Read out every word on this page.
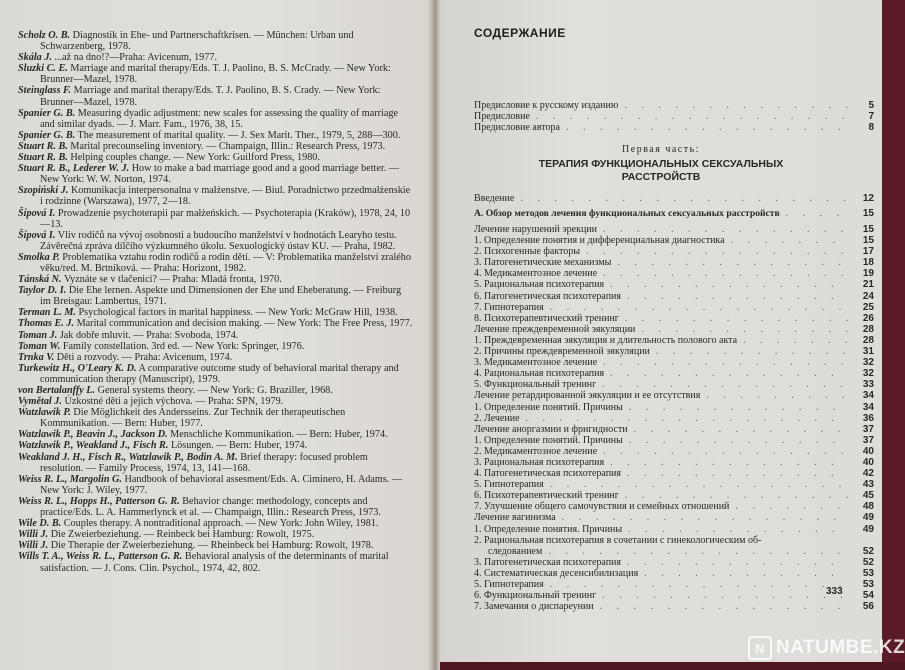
Scholz O. B. Diagnostik in Ehe- und Partnerschaftkrisen. — München: Urban und Schwarzenberg, 1978.

Skála J. ...až na dno!?—Praha: Avicenum, 1977.

Sluzki C. E. Marriage and marital therapy/Eds. T. J. Paolino, B. S. McCrady. — New York: Brunner—Mazel, 1978.

Steinglass F. Marriage and marital therapy/Eds. T. J. Paolino, B. S. Crady. — New York: Brunner—Mazel, 1978.

Spanier G. B. Measuring dyadic adjustment: new scales for assessing the quality of marriage and similar dyads. — J. Marr. Fam., 1976, 38, 15.

Spanier G. B. The measurement of marital quality. — J. Sex Marit. Ther., 1979, 5, 288—300.

Stuart R. B. Marital precounseling inventory. — Champaign, Illin.: Research Press, 1973.

Stuart R. B. Helping couples change. — New York: Guilford Press, 1980.

Stuart R. B., Lederer W. J. How to make a bad marriage good and a good marriage better. — New York: W. W. Norton, 1974.

Szopiński J. Komunikacja interpersonalna v małżenstve. — Biul. Poradnictwo przedmałżenskie i rodzinne (Warszawa), 1977, 2—18.

Šípová I. Prowadzenie psychoterapii par małżeńskich. — Psychoterapia (Kraków), 1978, 24, 10—13.

Šípová I. Vliv rodičů na vývoj osobnosti a budoucího manželství v hodnotách Learyho testu. Závěrečná zpráva dílčího výzkumného úkolu. Sexuologický ústav KU. — Praha, 1982.

Smolka P. Problematika vztahu rodin rodičů a rodin dětí. — V: Problematika manželství zralého věku/red. M. Brtníková. — Praha: Horizont, 1982.

Tánská N. Vyznáte se v tlačenici? — Praha: Mladá fronta, 1970.

Taylor D. I. Die Ehe lernen. Aspekte und Dimensionen der Ehe und Eheberatung. — Freiburg im Breisgau: Lambertus, 1971.

Terman L. M. Psychological factors in marital happiness. — New York: McGraw Hill, 1938.

Thomas E. J. Marital communication and decision making. — New York: The Free Press, 1977.

Toman J. Jak dobře mluvit. — Praha: Svoboda, 1974.

Toman W. Family constellation. 3rd ed. — New York: Springer, 1976.

Trnka V. Děti a rozvody. — Praha: Avicenum, 1974.

Turkewitz H., O'Leary K. D. A comparative outcome study of behavioral marital therapy and communication therapy (Manuscript), 1979.

von Bertalanffy L. General systems theory. — New York: G. Braziller, 1968.

Vymětal J. Úzkostné děti a jejich výchova. — Praha: SPN, 1979.

Watzlawik P. Die Möglichkeit des Andersseins. Zur Technik der therapeutischen Kommunikation. — Bern: Huber, 1977.

Watzlawik P., Beavin J., Jackson D. Menschliche Kommunikation. — Bern: Huber, 1974.

Watzlawik P., Weakland J., Fisch R. Lösungen. — Bern: Huber, 1974.

Weakland J. H., Fisch R., Watzlawik P., Bodin A. M. Brief therapy: focused problem resolution. — Family Process, 1974, 13, 141—168.

Weiss R. L., Margolin G. Handbook of behavioral assesment/Eds. A. Ciminero, H. Adams. — New York: J. Wiley, 1977.

Weiss R. L., Hopps H., Patterson G. R. Behavior change: methodology, concepts and practice/Eds. L. A. Hammerlynck et al. — Champaign, Illin.: Research Press, 1973.

Wile D. B. Couples therapy. A nontraditional approach. — New York: John Wiley, 1981.

Willi J. Die Zweierbeziehung. — Reinbeck bei Hamburg: Rowolt, 1975.

Willi J. Die Therapie der Zweierbeziehung. — Rheinbeck bei Hamburg: Rowolt, 1978.

Wills T. A., Weiss R. L., Patterson G. R. Behavioral analysis of the determinants of marital satisfaction. — J. Cons. Clin. Psychol., 1974, 42, 802.

СОДЕРЖАНИЕ
Предисловие к русскому изданию . . .	5
Предисловие . . .	7
Предисловие автора . . .	8
Первая часть:
ТЕРАПИЯ ФУНКЦИОНАЛЬНЫХ СЕКСУАЛЬНЫХ
РАССТРОЙСТВ
Введение . . .	12
А. Обзор методов лечения функциональных сексуальных расстройств . . .	15
Лечение нарушений эрекции . . .	15
1. Определение понятия и дифференциальная диагностика . . .	15
2. Психогенные факторы . . .	17
3. Патогенетические механизмы . . .	18
4. Медикаментозное лечение . . .	19
5. Рациональная психотерапия . . .	21
6. Патогенетическая психотерапия . . .	24
7. Гипнотерапия . . .	25
8. Психотерапевтический тренинг . . .	26
Лечение преждевременной эякуляции . . .	28
1. Преждевременная эякуляция и длительность полового акта . . .	28
2. Причины преждевременной эякуляции . . .	31
3. Медикаментозное лечение . . .	32
4. Рациональная психотерапия . . .	32
5. Функциональный тренинг . . .	33
Лечение ретардированной эякуляции и ее отсутствия . . .	34
1. Определение понятий. Причины . . .	34
2. Лечение . . .	36
Лечение аноргазмии и фригидности . . .	37
1. Определение понятий. Причины . . .	37
2. Медикаментозное лечение . . .	40
3. Рациональная психотерапия . . .	40
4. Патогенетическая психотерапия . . .	42
5. Гипнотерапия . . .	43
6. Психотерапевтический тренинг . . .	45
7. Улучшение общего самочувствия и семейных отношений . . .	48
Лечение вагинизма . . .	49
1. Определение понятия. Причины . . .	49
2. Рациональная психотерапия в сочетании с гинекологическим об-
следованием . . .	52
3. Патогенетическая психотерапия . . .	52
4. Систематическая десенсибилизация . . .	53
5. Гипнотерапия . . .	53
6. Функциональный тренинг . . .	54
7. Замечания о диспареунии . . .	56
333
N NATUMBE.KZ
